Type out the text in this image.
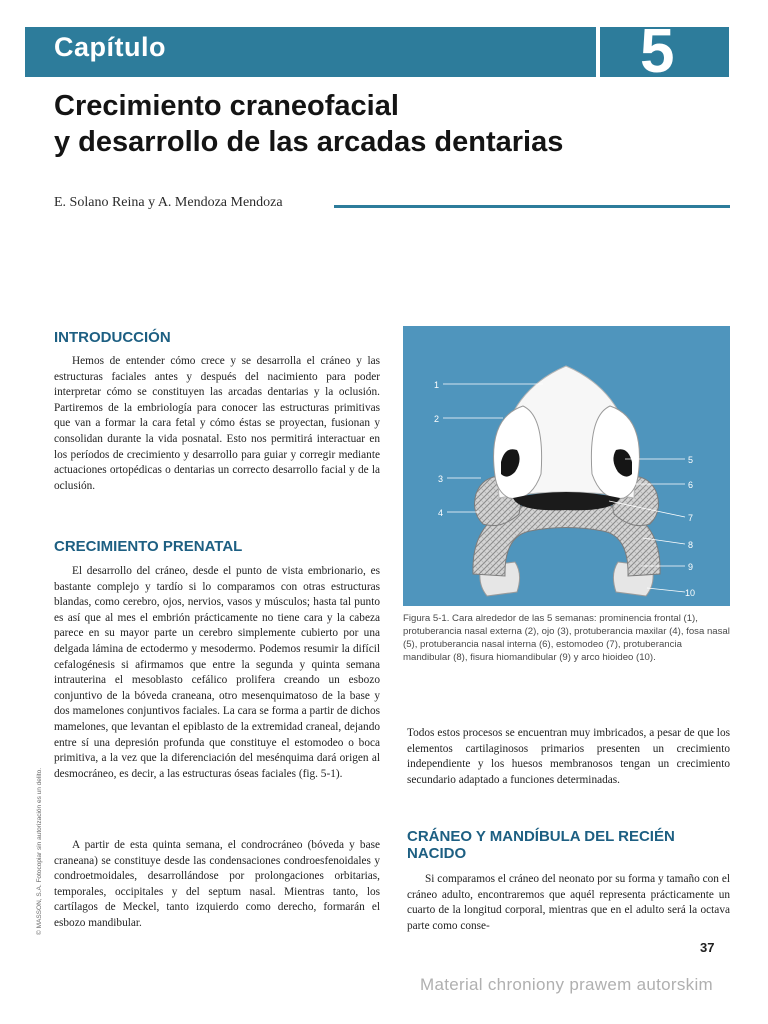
Capítulo	5
Crecimiento craneofacial
y desarrollo de las arcadas dentarias
E. Solano Reina y A. Mendoza Mendoza
INTRODUCCIÓN

Hemos de entender cómo crece y se desarrolla el cráneo y las estructuras faciales antes y después del nacimiento para poder interpretar cómo se constituyen las arcadas dentarias y la oclusión. Partiremos de la embriología para conocer las estructuras primitivas que van a formar la cara fetal y cómo éstas se proyectan, fusionan y consolidan durante la vida posnatal. Esto nos permitirá interactuar en los períodos de crecimiento y desarrollo para guiar y corregir mediante actuaciones ortopédicas o dentarias un correcto desarrollo facial y de la oclusión.

CRECIMIENTO PRENATAL

El desarrollo del cráneo, desde el punto de vista embrionario, es bastante complejo y tardío si lo comparamos con otras estructuras blandas, como cerebro, ojos, nervios, vasos y músculos; hasta tal punto es así que al mes el embrión prácticamente no tiene cara y la cabeza parece en su mayor parte un cerebro simplemente cubierto por una delgada lámina de ectodermo y mesodermo. Podemos resumir la difícil cefalogénesis si afirmamos que entre la segunda y quinta semana intrauterina el mesoblasto cefálico prolifera creando un esbozo conjuntivo de la bóveda craneana, otro mesenquimatoso de la base y dos mamelones conjuntivos faciales. La cara se forma a partir de dichos mamelones, que levantan el epiblasto de la extremidad craneal, dejando entre sí una depresión profunda que constituye el estomodeo o boca primitiva, a la vez que la diferenciación del mesénquima dará origen al desmocráneo, es decir, a las estructuras óseas faciales (fig. 5-1).

A partir de esta quinta semana, el condrocráneo (bóveda y base craneana) se constituye desde las condensaciones condroesfenoidales y condroetmoidales, desarrollándose por prolongaciones orbitarias, temporales, occipitales y del septum nasal. Mientras tanto, los cartílagos de Meckel, tanto izquierdo como derecho, formarán el esbozo mandibular.

1
2
3
4
5
6
7
8
9
10

Figura 5-1. Cara alrededor de las 5 semanas: prominencia frontal (1), protuberancia nasal externa (2), ojo (3), protuberancia maxilar (4), fosa nasal (5), protuberancia nasal interna (6), estomodeo (7), protuberancia mandibular (8), fisura hiomandibular (9) y arco hioideo (10).

Todos estos procesos se encuentran muy imbricados, a pesar de que los elementos cartilaginosos primarios presenten un crecimiento independiente y los huesos membranosos tengan un crecimiento secundario adaptado a funciones determinadas.

CRÁNEO Y MANDÍBULA DEL RECIÉN NACIDO

Si comparamos el cráneo del neonato por su forma y tamaño con el cráneo adulto, encontraremos que aquél representa prácticamente un cuarto de la longitud corporal, mientras que en el adulto será la octava parte como conse-

© MASSON, S.A. Fotocopiar sin autorización es un delito.
37
Material chroniony prawem autorskim
